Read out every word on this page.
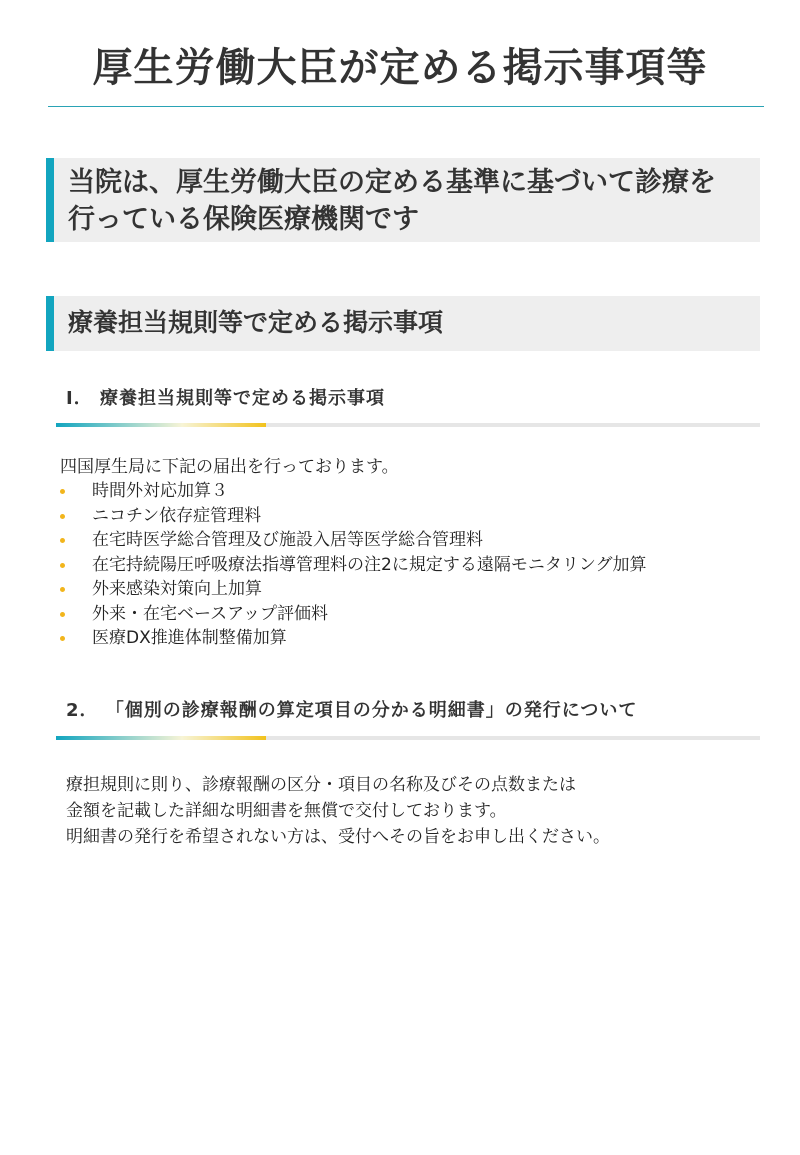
厚生労働大臣が定める掲示事項等
当院は、厚生労働大臣の定める基準に基づいて診療を
行っている保険医療機関です
療養担当規則等で定める掲示事項
Ⅰ． 療養担当規則等で定める掲示事項
四国厚生局に下記の届出を行っております。
時間外対応加算３
ニコチン依存症管理料
在宅時医学総合管理及び施設入居等医学総合管理料
在宅持続陽圧呼吸療法指導管理料の注2に規定する遠隔モニタリング加算
外来感染対策向上加算
外来・在宅ベースアップ評価料
医療DX推進体制整備加算
2． 「個別の診療報酬の算定項目の分かる明細書」の発行について
療担規則に則り、診療報酬の区分・項目の名称及びその点数または
金額を記載した詳細な明細書を無償で交付しております。
明細書の発行を希望されない方は、受付へその旨をお申し出ください。
